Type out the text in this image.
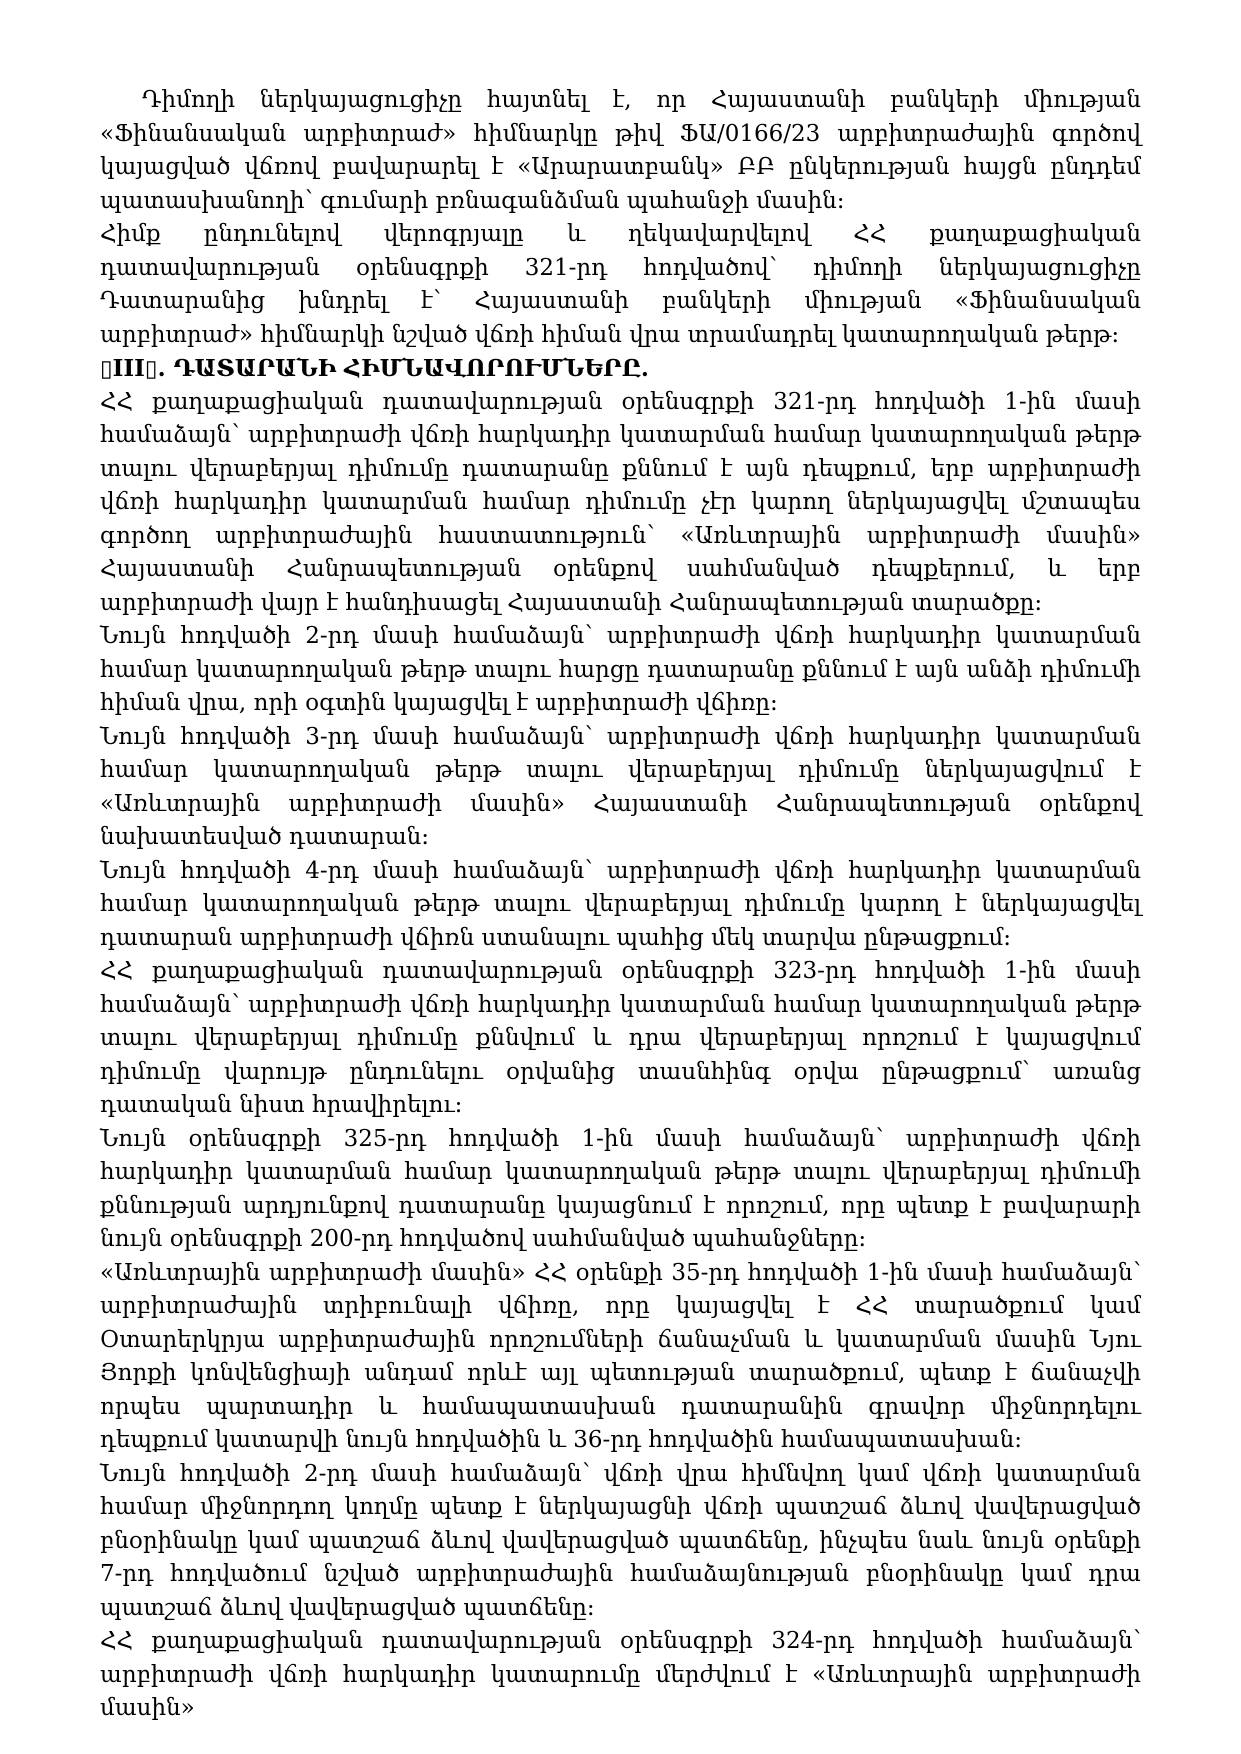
Դիմողի ներկայացուցիչը հայտնել է, որ Հայաստանի բանկերի միության «Ֆինանսական արբիտրաժ» հիմնարկը թիվ ՖԱ/0166/23 արբիտրաժային գործով կայացված վճռով բավարարել է «Արարատբանկ» ԲԲ ընկերության հայցն ընդդեմ պատասխանողի՝ գումարի բռնագանձման պահանջի մասին։

Հիմք ընդունելով վերոգրյալը և ղեկավարվելով ՀՀ քաղաքացիական դատավարության օրենսգրքի 321-րդ հոդվածով՝ դիմողի ներկայացուցիչը Դատարանից խնդրել է՝ Հայաստանի բանկերի միության «Ֆինանսական արբիտրաժ» հիմնարկի նշված վճռի հիման վրա տրամադրել կատարողական թերթ։

▯III▯. ԴԱՏԱՐԱՆԻ ՀԻՄՆԱՎՈՐՈՒՄՆԵՐԸ.

ՀՀ քաղաքացիական դատավարության օրենսգրքի 321-րդ հոդվածի 1-ին մասի համաձայն՝ արբիտրաժի վճռի հարկադիր կատարման համար կատարողական թերթ տալու վերաբերյալ դիմումը դատարանը քննում է այն դեպքում, երբ արբիտրաժի վճռի հարկադիր կատարման համար դիմումը չէր կարող ներկայացվել մշտապես գործող արբիտրաժային հաստատություն՝ «Առևտրային արբիտրաժի մասին» Հայաստանի Հանրապետության օրենքով սահմանված դեպքերում, և երբ արբիտրաժի վայր է հանդիսացել Հայաստանի Հանրապետության տարածքը։

Նույն հոդվածի 2-րդ մասի համաձայն՝ արբիտրաժի վճռի հարկադիր կատարման համար կատարողական թերթ տալու հարցը դատարանը քննում է այն անձի դիմումի հիման վրա, որի օգտին կայացվել է արբիտրաժի վճիռը։

Նույն հոդվածի 3-րդ մասի համաձայն՝ արբիտրաժի վճռի հարկադիր կատարման համար կատարողական թերթ տալու վերաբերյալ դիմումը ներկայացվում է «Առևտրային արբիտրաժի մասին» Հայաստանի Հանրապետության օրենքով նախատեսված դատարան։

Նույն հոդվածի 4-րդ մասի համաձայն՝ արբիտրաժի վճռի հարկադիր կատարման համար կատարողական թերթ տալու վերաբերյալ դիմումը կարող է ներկայացվել դատարան արբիտրաժի վճիռն ստանալու պահից մեկ տարվա ընթացքում։

ՀՀ քաղաքացիական դատավարության օրենսգրքի 323-րդ հոդվածի 1-ին մասի համաձայն՝ արբիտրաժի վճռի հարկադիր կատարման համար կատարողական թերթ տալու վերաբերյալ դիմումը քննվում և դրա վերաբերյալ որոշում է կայացվում դիմումը վարույթ ընդունելու օրվանից տասնհինգ օրվա ընթացքում՝ առանց դատական նիստ հրավիրելու։

Նույն օրենսգրքի 325-րդ հոդվածի 1-ին մասի համաձայն՝ արբիտրաժի վճռի հարկադիր կատարման համար կատարողական թերթ տալու վերաբերյալ դիմումի քննության արդյունքով դատարանը կայացնում է որոշում, որը պետք է բավարարի նույն օրենսգրքի 200-րդ հոդվածով սահմանված պահանջները։

«Առևտրային արբիտրաժի մասին» ՀՀ օրենքի 35-րդ հոդվածի 1-ին մասի համաձայն՝ արբիտրաժային տրիբունալի վճիռը, որը կայացվել է ՀՀ տարածքում կամ Օտարերկրյա արբիտրաժային որոշումների ճանաչման և կատարման մասին Նյու Յորքի կոնվենցիայի անդամ որևէ այլ պետության տարածքում, պետք է ճանաչվի որպես պարտադիր և համապատասխան դատարանին գրավոր միջնորդելու դեպքում կատարվի նույն հոդվածին և 36-րդ հոդվածին համապատասխան։

Նույն հոդվածի 2-րդ մասի համաձայն՝ վճռի վրա հիմնվող կամ վճռի կատարման համար միջնորդող կողմը պետք է ներկայացնի վճռի պատշաճ ձևով վավերացված բնօրինակը կամ պատշաճ ձևով վավերացված պատճենը, ինչպես նաև նույն օրենքի 7-րդ հոդվածում նշված արբիտրաժային համաձայնության բնօրինակը կամ դրա պատշաճ ձևով վավերացված պատճենը։

ՀՀ քաղաքացիական դատավարության օրենսգրքի 324-րդ հոդվածի համաձայն՝ արբիտրաժի վճռի հարկադիր կատարումը մերժվում է «Առևտրային արբիտրաժի մասին»
